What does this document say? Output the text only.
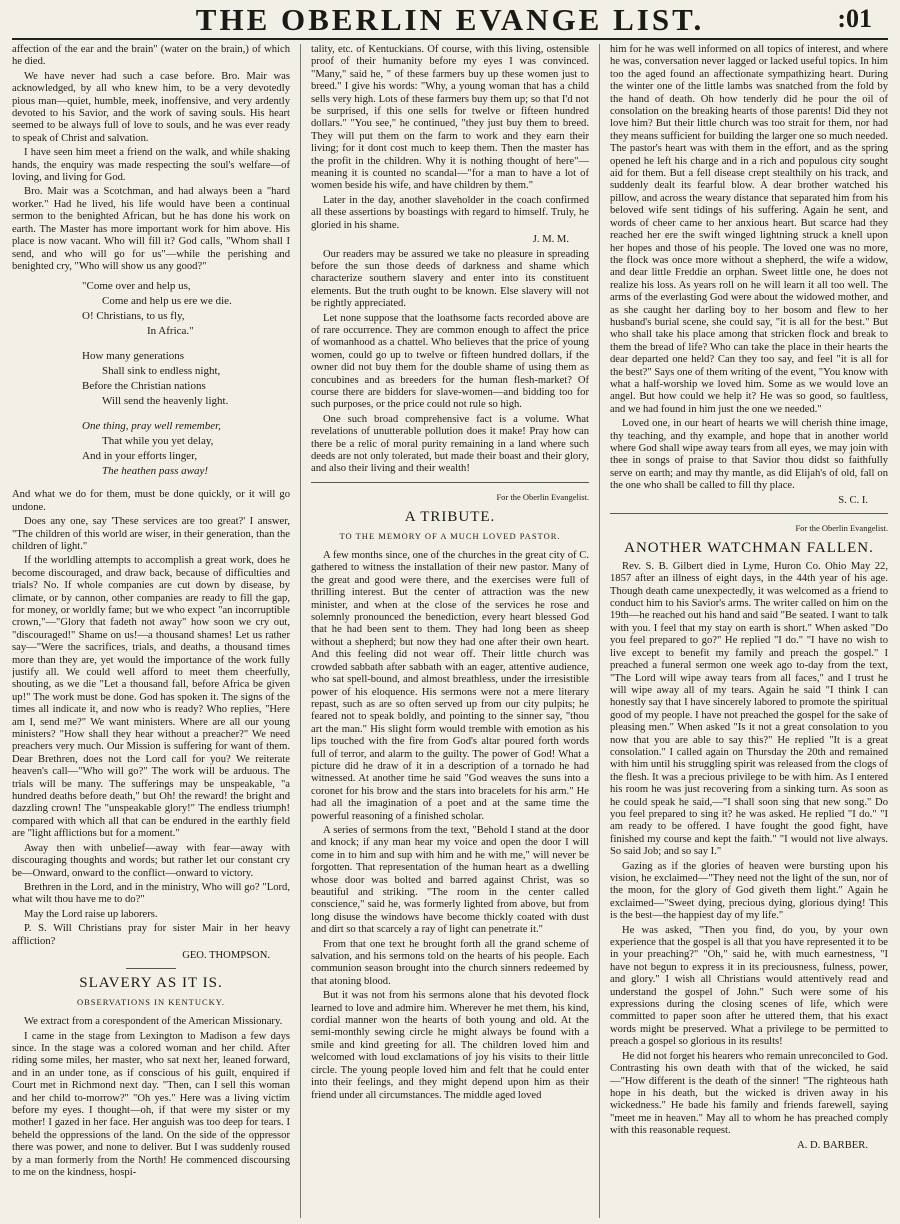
THE OBERLIN EVANGE LIST.	:01

affection of the ear and the brain" (water on the brain,) of which he died.

We have never had such a case before. Bro. Mair was acknowledged, by all who knew him, to be a very devotedly pious man—quiet, humble, meek, inoffensive, and very ardently devoted to his Savior, and the work of saving souls. His heart seemed to be always full of love to souls, and he was ever ready to speak of Christ and salvation.

I have seen him meet a friend on the walk, and while shaking hands, the enquiry was made respecting the soul's welfare—of loving, and living for God.

Bro. Mair was a Scotchman, and had always been a "hard worker." Had he lived, his life would have been a continual sermon to the benighted African, but he has done his work on earth. The Master has more important work for him above. His place is now vacant. Who will fill it? God calls, "Whom shall I send, and who will go for us"—while the perishing and benighted cry, "Who will show us any good?"

"Come over and help us,
Come and help us ere we die.
O! Christians, to us fly,
In Africa."
How many generations
Shall sink to endless night,
Before the Christian nations
Will send the heavenly light.
One thing, pray well remember,
That while you yet delay,
And in your efforts linger,
The heathen pass away!

And what we do for them, must be done quickly, or it will go undone.

Does any one, say 'These services are too great?' I answer, "The children of this world are wiser, in their generation, than the children of light."

If the worldling attempts to accomplish a great work, does he become discouraged, and draw back, because of difficulties and trials? No. If whole companies are cut down by disease, by climate, or by cannon, other companies are ready to fill the gap, for money, or worldly fame; but we who expect "an incorruptible crown,"—"Glory that fadeth not away" how soon we cry out, "discouraged!" Shame on us!—a thousand shames! Let us rather say—"Were the sacrifices, trials, and deaths, a thousand times more than they are, yet would the importance of the work fully justify all. We could well afford to meet them cheerfully, shouting, as we die "Let a thousand fall, before Africa be given up!" The work must be done. God has spoken it. The signs of the times all indicate it, and now who is ready? Who replies, "Here am I, send me?" We want ministers. Where are all our young ministers? "How shall they hear without a preacher?" We need preachers very much. Our Mission is suffering for want of them. Dear Brethren, does not the Lord call for you? We reiterate heaven's call—"Who will go?" The work will be arduous. The trials will be many. The sufferings may be unspeakable, "a hundred deaths before death," but Oh! the reward! the bright and dazzling crown! The "unspeakable glory!" The endless triumph! compared with which all that can be endured in the earthly field are "light afflictions but for a moment."

Away then with unbelief—away with fear—away with discouraging thoughts and words; but rather let our constant cry be—Onward, onward to the conflict—onward to victory.

Brethren in the Lord, and in the ministry, Who will go? "Lord, what wilt thou have me to do?"

May the Lord raise up laborers.

P. S. Will Christians pray for sister Mair in her heavy affliction?

GEO. THOMPSON.

SLAVERY AS IT IS.
OBSERVATIONS IN KENTUCKY.

We extract from a corespondent of the American Missionary.

I came in the stage from Lexington to Madison a few days since. In the stage was a colored woman and her child. After riding some miles, her master, who sat next her, leaned forward, and in an under tone, as if conscious of his guilt, enquired if Court met in Richmond next day. "Then, can I sell this woman and her child to-morrow?" "Oh yes." Here was a living victim before my eyes. I thought—oh, if that were my sister or my mother! I gazed in her face. Her anguish was too deep for tears. I beheld the oppressions of the land. On the side of the oppressor there was power, and none to deliver. But I was suddenly roused by a man formerly from the North! He commenced discoursing to me on the kindness, hospi-

tality, etc. of Kentuckians. Of course, with this living, ostensible proof of their humanity before my eyes I was convinced. "Many," said he, " of these farmers buy up these women just to breed." I give his words: "Why, a young woman that has a child sells very high. Lots of these farmers buy them up; so that I'd not be surprised, if this one sells for twelve or fifteen hundred dollars." "You see," he continued, "they just buy them to breed. They will put them on the farm to work and they earn their living; for it dont cost much to keep them. Then the master has the profit in the children. Why it is nothing thought of here"—meaning it is counted no scandal—"for a man to have a lot of women beside his wife, and have children by them."

Later in the day, another slaveholder in the coach confirmed all these assertions by boastings with regard to himself. Truly, he gloried in his shame.

J. M. M.

Our readers may be assured we take no pleasure in spreading before the sun those deeds of darkness and shame which characterize southern slavery and enter into its constituent elements. But the truth ought to be known. Else slavery will not be rightly appreciated.

Let none suppose that the loathsome facts recorded above are of rare occurrence. They are common enough to affect the price of womanhood as a chattel. Who believes that the price of young women, could go up to twelve or fifteen hundred dollars, if the owner did not buy them for the double shame of using them as concubines and as breeders for the human flesh-market? Of course there are bidders for slave-women—and bidding too for such purposes, or the price could not rule so high.

One such broad comprehensive fact is a volume. What revelations of unutterable pollution does it make! Pray how can there be a relic of moral purity remaining in a land where such deeds are not only tolerated, but made their boast and their glory, and also their living and their wealth!

For the Oberlin Evangelist.
A TRIBUTE.
TO THE MEMORY OF A MUCH LOVED PASTOR.

A few months since, one of the churches in the great city of C. gathered to witness the installation of their new pastor. Many of the great and good were there, and the exercises were full of thrilling interest. But the center of attraction was the new minister, and when at the close of the services he rose and solemnly pronounced the benediction, every heart blessed God that he had been sent to them. They had long been as sheep without a shepherd; but now they had one after their own heart. And this feeling did not wear off. Their little church was crowded sabbath after sabbath with an eager, attentive audience, who sat spell-bound, and almost breathless, under the irresistible power of his eloquence. His sermons were not a mere literary repast, such as are so often served up from our city pulpits; he feared not to speak boldly, and pointing to the sinner say, "thou art the man." His slight form would tremble with emotion as his lips touched with the fire from God's altar poured forth words full of terror, and alarm to the guilty. The power of God! What a picture did he draw of it in a description of a tornado he had witnessed. At another time he said "God weaves the suns into a coronet for his brow and the stars into bracelets for his arm." He had all the imagination of a poet and at the same time the powerful reasoning of a finished scholar.

A series of sermons from the text, "Behold I stand at the door and knock; if any man hear my voice and open the door I will come in to him and sup with him and he with me," will never be forgotten. That representation of the human heart as a dwelling whose door was bolted and barred against Christ, was so beautiful and striking. "The room in the center called conscience," said he, was formerly lighted from above, but from long disuse the windows have become thickly coated with dust and dirt so that scarcely a ray of light can penetrate it."

From that one text he brought forth all the grand scheme of salvation, and his sermons told on the hearts of his people. Each communion season brought into the church sinners redeemed by that atoning blood.

But it was not from his sermons alone that his devoted flock learned to love and admire him. Wherever he met them, his kind, cordial manner won the hearts of both young and old. At the semi-monthly sewing circle he might always be found with a smile and kind greeting for all. The children loved him and welcomed with loud exclamations of joy his visits to their little circle. The young people loved him and felt that he could enter into their feelings, and they might depend upon him as their friend under all circumstances. The middle aged loved

him for he was well informed on all topics of interest, and where he was, conversation never lagged or lacked useful topics. In him too the aged found an affectionate sympathizing heart. During the winter one of the little lambs was snatched from the fold by the hand of death. Oh how tenderly did he pour the oil of consolation on the breaking hearts of those parents! Did they not love him? But their little church was too strait for them, nor had they means sufficient for building the larger one so much needed. The pastor's heart was with them in the effort, and as the spring opened he left his charge and in a rich and populous city sought aid for them. But a fell disease crept stealthily on his track, and suddenly dealt its fearful blow. A dear brother watched his pillow, and across the weary distance that separated him from his beloved wife sent tidings of his suffering. Again he sent, and words of cheer came to her anxious heart. But scarce had they reached her ere the swift winged lightning struck a knell upon her hopes and those of his people. The loved one was no more, the flock was once more without a shepherd, the wife a widow, and dear little Freddie an orphan. Sweet little one, he does not realize his loss. As years roll on he will learn it all too well. The arms of the everlasting God were about the widowed mother, and as she caught her darling boy to her bosom and flew to her husband's burial scene, she could say, "it is all for the best." But who shall take his place among that stricken flock and break to them the bread of life? Who can take the place in their hearts the dear departed one held? Can they too say, and feel "it is all for the best?" Says one of them writing of the event, "You know with what a half-worship we loved him. Some as we would love an angel. But how could we help it? He was so good, so faultless, and we had found in him just the one we needed."

Loved one, in our heart of hearts we will cherish thine image, thy teaching, and thy example, and hope that in another world where God shall wipe away tears from all eyes, we may join with thee in songs of praise to that Savior thou didst so faithfully serve on earth; and may thy mantle, as did Elijah's of old, fall on the one who shall be called to fill thy place.

S. C. I.

For the Oberlin Evangelist.
ANOTHER WATCHMAN FALLEN.

Rev. S. B. Gilbert died in Lyme, Huron Co. Ohio May 22, 1857 after an illness of eight days, in the 44th year of his age. Though death came unexpectedly, it was welcomed as a friend to conduct him to his Savior's arms. The writer called on him on the 19th—he reached out his hand and said "Be seated. I want to talk with you. I feel that my stay on earth is short." When asked "Do you feel prepared to go?" He replied "I do." "I have no wish to live except to benefit my family and preach the gospel." I preached a funeral sermon one week ago to-day from the text, "The Lord will wipe away tears from all faces," and I trust he will wipe away all of my tears. Again he said "I think I can honestly say that I have sincerely labored to promote the spiritual good of my people. I have not preached the gospel for the sake of pleasing men." When asked "Is it not a great consolation to you now that you are able to say this?" He replied "It is a great consolation." I called again on Thursday the 20th and remained with him until his struggling spirit was released from the clogs of the flesh. It was a precious privilege to be with him. As I entered his room he was just recovering from a sinking turn. As soon as he could speak he said,—"I shall soon sing that new song." Do you feel prepared to sing it? he was asked. He replied "I do." "I am ready to be offered. I have fought the good fight, have finished my course and kept the faith." "I would not live always. So said Job; and so say I."

Gazing as if the glories of heaven were bursting upon his vision, he exclaimed—"They need not the light of the sun, nor of the moon, for the glory of God giveth them light." Again he exclaimed—"Sweet dying, precious dying, glorious dying! This is the best—the happiest day of my life."

He was asked, "Then you find, do you, by your own experience that the gospel is all that you have represented it to be in your preaching?" "Oh," said he, with much earnestness, "I have not begun to express it in its preciousness, fulness, power, and glory." I wish all Christians would attentively read and understand the gospel of John." Such were some of his expressions during the closing scenes of life, which were committed to paper soon after he uttered them, that his exact words might be preserved. What a privilege to be permitted to preach a gospel so glorious in its results!

He did not forget his hearers who remain unreconciled to God. Contrasting his own death with that of the wicked, he said—"How different is the death of the sinner! "The righteous hath hope in his death, but the wicked is driven away in his wickedness." He bade his family and friends farewell, saying "meet me in heaven." May all to whom he has preached comply with this reasonable request.

A. D. BARBER.
